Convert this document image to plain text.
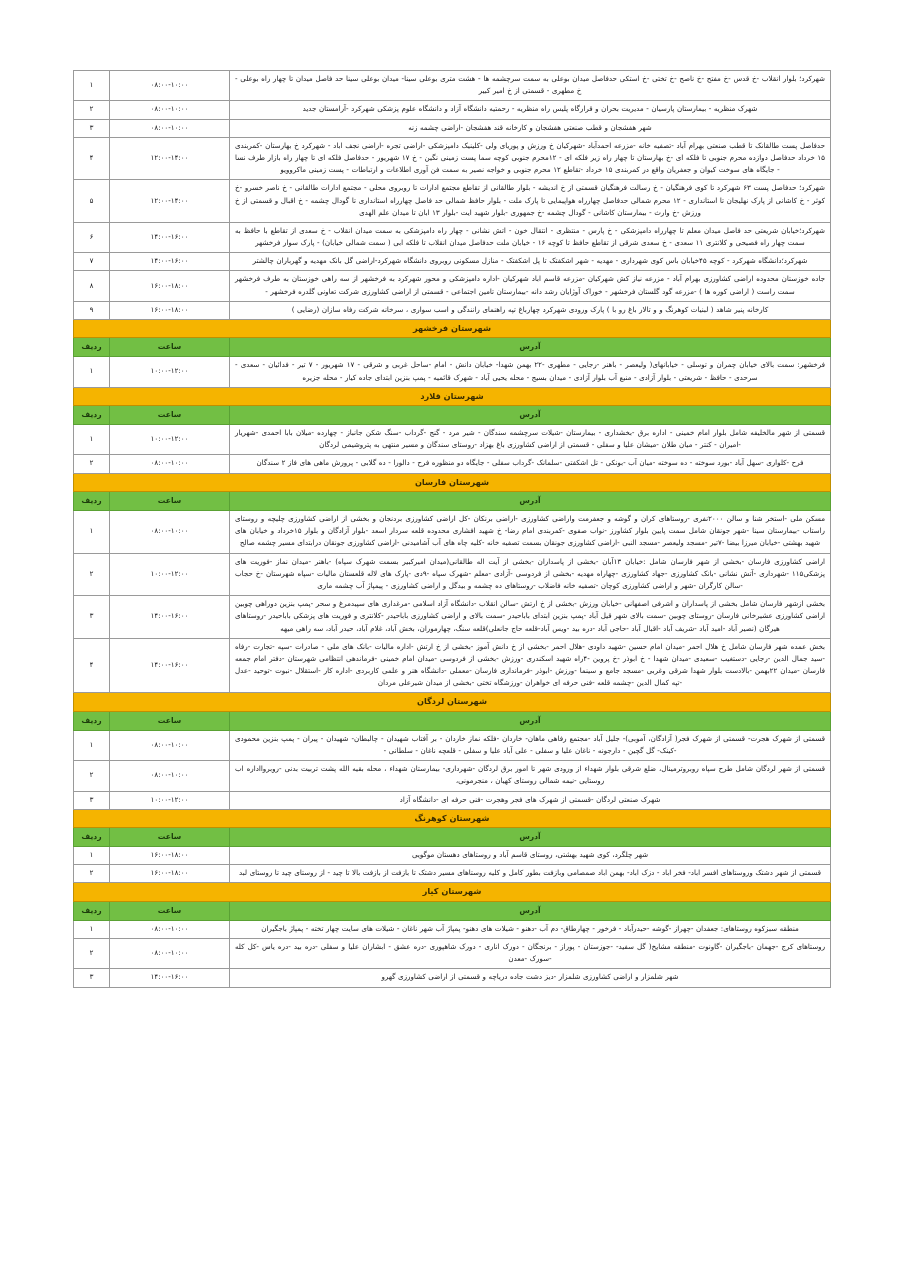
شهرکرد؛ بلوار انقلاب -خ قدس -خ مفتح -خ ناصح -خ تختی -خ استکی حدفاصل میدان بوعلی به سمت سرچشمه ها - هشت متری بوعلی سینا- میدان بوعلی سینا حد فاصل میدان تا چهار راه بوعلی - خ مطهری - قسمتی از خ امیر کبیر	۰۸:۰۰-۱۰:۰۰	۱
شهرک منظریه - بیمارستان پارسیان - مدیریت بحران و قرارگاه پلیس راه منظریه - رحمتیه دانشگاه آزاد و دانشگاه علوم پزشکی شهرکرد -آرامستان جدید	۰۸:۰۰-۱۰:۰۰	۲
شهر هفشجان و قطب صنعتی هفشجان و کارخانه قند هفشجان -اراضی چشمه زنه	۰۸:۰۰-۱۰:۰۰	۳
حدفاصل پست طالقانک تا قطب صنعتی بهرام آباد -تصفیه خانه -مزرعه احمدآباد -شهرکیان خ ورزش و پوریای ولی -کلینیک دامپزشکی -اراضی تجره -اراضی نجف اباد - شهرکرد خ بهارستان -کمربندی ۱۵ خرداد حدفاصل دوازده محرم جنوبی تا فلکه ای -خ بهارستان تا چهار راه زیر فلکه ای - ۱۲محرم جنوبی کوچه سما پست زمینی نگین - خ ۱۷ شهریور - حدفاصل فلکه ای تا چهار راه بازار طرف نسا - جایگاه های سوخت کیوان و جعفریان واقع در کمربندی ۱۵ خرداد -تقاطع ۱۲ محرم جنوبی و خواجه نصیر به سمت فن آوری اطلاعات و ارتباطات - پست زمینی ماکروویو	۱۲:۰۰-۱۴:۰۰	۴
شهرکرد؛ حدفاصل پست ۶۳ شهرکرد تا کوی فرهنگیان - خ رسالت فرهنگیان قسمتی از خ اندیشه - بلوار طالقانی از تقاطع مجتمع ادارات تا روبروی محلی - مجتمع ادارات طالقانی - خ ناصر خسرو -خ کوثر - خ کاشانی از پارک نهلیجان تا استانداری - ۱۲ محرم شمالی حدفاصل چهارراه هواپیمایی تا پارک ملت - بلوار حافظ شمالی حد فاصل چهارراه استانداری تا گودال چشمه - خ اقبال و قسمتی از خ ورزش -خ وارث - بیمارستان کاشانی - گودال چشمه -خ جمهوری -بلوار شهید ایت -بلوار ۱۳ ابان تا میدان علم الهدی	۱۲:۰۰-۱۴:۰۰	۵
شهرکرد؛خیابان شریعتی حد فاصل میدان معلم تا چهارراه دامپزشکی - خ پارس - منتظری - انتقال خون - اتش نشانی - چهار راه دامپزشکی به سمت میدان انقلاب - خ سعدی از تقاطع با حافظ به سمت چهار راه فصیحی و کلانتری ۱۱ سعدی - خ سعدی شرقی از تقاطع حافظ تا کوچه ۱۶ - خیابان ملت حدفاصل میدان انقلاب تا فلکه ابی ( سمت شمالی خیابان) - پارک سوار فرخشهر	۱۴:۰۰-۱۶:۰۰	۶
شهرکرد؛دانشگاه شهرکرد - کوچه ۴۵خیابان باس کوی شهرداری - مهدیه - شهر اشکفتک تا پل اشکفتک - منازل مسکونی روبروی دانشگاه شهرکرد-اراضی گل بانک مهدیه و گهرباران چالشتر	۱۴:۰۰-۱۶:۰۰	۷
جاده خوزستان محدوده اراضی کشاورزی بهرام آباد - مزرعه نیاز کش شهرکیان -مزرعه قاسم اباد شهرکیان -اداره دامپزشکی و محور شهرکرد به فرخشهر از سه راهی خوزستان به طرف فرخشهر سمت راست ( اراضی کوره ها ) -مزرعه گود گلستان فرخشهر - خوراک آوژایان رشد دانه -بیمارستان تامین اجتماعی - قسمتی از اراضی کشاورزی شرکت تعاونی گلدره فرخشهر -	۱۶:۰۰-۱۸:۰۰	۸
کارخانه پنیر شاهد ( لبنیات کوهرنگ و و تالار باغ رو با ) پارک ورودی شهرکرد چهارباغ تپه راهنمای رانندگی و اسب سواری ، سرخانه شرکت رفاه سازان (رضایی )	۱۶:۰۰-۱۸:۰۰	۹
شهرستان فرخشهر		
آدرس	ساعت	ردیف
فرخشهر: سمت بالای خیابان چمران و توسلی - خیابانهای( ولیعصر - باهنر -رجایی - مطهری -۲۲ بهمن شهدا- خیابان دانش - امام -ساحل غربی و شرقی - ۱۷ شهریور - ۷ تیر - فدائیان - سعدی - سرحدی - حافظ - شریعتی - بلوار آزادی - منبع آب بلوار آزادی - میدان بسیج - محله یحیی آباد - شهرک قائمیه - پمپ بنزین ابتدای جاده کیار - محله جزیره	۱۰:۰۰-۱۲:۰۰	۱
شهرستان قلارد		
آدرس	ساعت	ردیف
قسمتی از شهر مالخلیفه شامل بلوار امام خمینی - اداره برق -بخشداری - بیمارستان -شیلات سرچشمه سندگان - شیر مرد - گنج -گرداب -سنگ شکن جانباز - چهارده -میلان بابا احمدی -شهریار -امیران - کنتر - میان طلان -میشان علیا و سفلی - قسمتی از اراضی کشاورزی باغ بهزاد -روستای سندگان و مسیر منتهی به پتروشیمی لردگان	۱۰:۰۰-۱۲:۰۰	۱
فرح -کلواری -سهل آباد -بورد سوخته - ده سوخته -میان آب -بونکی - تل اشکفتی -سلمانک -گرداب سفلی - جایگاه دو منظوره فرح - دالورا - ده گلابی - پرورش ماهی های فاز ۲ سندگان	۰۸:۰۰-۱۰:۰۰	۲
شهرستان فارسان		
آدرس	ساعت	ردیف
مسکن ملی -استخر شنا و سالن ۲۰۰۰نفری -روستاهای کران و گوشه و جعفرمت واراضی کشاورزی -اراضی برنکان -کل اراضی کشاورزی بردنجان و بخشی از اراضی کشاورزی چلیچه و روستای راستاب -بیمارستان سینا -شهر جونقان شامل سمت پایین بلوار کشاورز -نواب صفوی -کمربندی امام رضا- خ شهید افشاری محدوده قلعه سردار اسعد -بلوار آزادگان و بلوار ۱۵خرداد و خیابان های شهید بهشتی -خیابان میرزا بیضا -۷تیر -مسجد ولیعصر -مسجد النبی -اراضی کشاورزی جونقان بسمت تصفیه خانه -کلیه چاه های آب آشامیدنی -اراضی کشاورزی جونقان درابتدای مسیر چشمه صالح	۰۸:۰۰-۱۰:۰۰	۱
اراضی کشاورزی فارسان -بخشی از شهر فارسان شامل :خیابان ۱۳آبان -بخشی از پاسداران -بخشی از آیت اله طالقانی(میدان امیرکبیر بسمت شهرک سپاه) -باهنر -میدان نماز -فوریت های پزشکی۱۱۵ -شهرداری -آتش نشانی -بانک کشاورزی -جهاد کشاورزی -چهاراه مهدیه -بخشی از فردوسی -آزادی -معلم -شهرک سپاه -۹دی -پارک های لاله قلعستان مالیات -سپاه شهرستان -خ حجاب -سالن کارگران -شهر و اراضی کشاورزی کوچان -تصفیه خانه فاضلاب -روستاهای ده چشمه و بیدگل و اراضی کشاورزی - پیمپاژ آب چشمه ماری	۱۰:۰۰-۱۲:۰۰	۲
بخشی ازشهر فارسان شامل بخشی از پاسداران و اشرفی اصفهانی -خیابان ورزش -بخشی از خ ارتش -سالن انقلاب -دانشگاه آزاد اسلامی -مرغداری های سپیدمرغ و سحر -پمپ بنزین دوراهی چوبین اراضی کشاورزی عشیرخانی فارسان -روستای چوبین -سمت بالای شهر قیل آباد -پمپ بنزین ابتدای باباحیدر -سمت بالای و اراضی کشاورزی باباحیدر -کلانتری و فوریت های پزشکی باباحیدر -روستاهای هیرگان (نصیر آباد -امید آباد -شریف آباد -اقبال آباد -حاجی آباد -دره بید -ویس آباد-قلعه حاج جانعلی)قلعه سنگ، چهارموران، بخش آباد، غلام آباد، حیدر آباد، سه راهی میهه	۱۴:۰۰-۱۶:۰۰	۳
بخش عمده شهر فارسان شامل خ هلال احمر -میدان امام حسین -شهید داودی -هلال احمر -بخشی از خ دانش آموز -بخشی از خ ارتش -اداره مالیات -بانک های ملی - صادرات -سپه -تجارت -رفاه -سید جمال الدین -رجایی -دستغیب -سعیدی -میدان شهدا - خ ابوذر -خ پروین -۴راه شهید اسکندری -ورزش -بخشی از فردوسی -میدان امام خمینی -فرماندهی انتظامی شهرستان -دفتر امام جمعه فارسان -میدان ۲۲بهمن -بالادست بلوار شهدا شرقی وغربی -مسجد جامع و سینما -ورزش -ابوذر -فرمانداری فارسان -معملی -دانشگاه هنر و علمی کاربردی -اداره کار -استقلال -نبوت -توحید -عدل -تپه کمال الدین -چشمه قلعه -فنی حرفه ای خواهران -ورزشگاه تختی -بخشی از میدان شیرعلی مردان	۱۴:۰۰-۱۶:۰۰	۴
شهرستان لردگان		
آدرس	ساعت	ردیف
قسمتی از شهرک هجرت- قسمتی از شهرک فجر( آزادگان، آموبی)- جلیل آباد -مجتمع رفاهی ماهان- خاردان -فلکه نماز خاردان - بر آفتاب شهیدان - چالبطان- شهیدان - پیران - پمپ بنزین محمودی -کینک- گل گچین - دارجونه - ناغان علیا و سفلی - علی آباد علیا و سفلی - قلعچه ناغان - سلطانی -	۰۸:۰۰-۱۰:۰۰	۱
قسمتی از شهر لردگان شامل طرح سپاه روبروترمینال، ضلع شرقی بلوار شهداء از ورودی شهر تا امور برق لردگان -شهرداری- بیمارستان شهداء ، محله بقیه الله پشت تربیت بدنی -روبروااداره اب روستایی -نیمه شمالی روستای کهیان ، منجرمونی،	۰۸:۰۰-۱۰:۰۰	۲
شهرک صنعتی لردگان -قسمتی از شهرک های فجر وهجرت -فنی حرفه ای -دانشگاه آزاد	۱۰:۰۰-۱۲:۰۰	۳
شهرستان کوهرنگ		
آدرس	ساعت	ردیف
شهر چلگرد، کوی شهید بهشتی، روستای قاسم آباد و روستاهای دهستان موگویی	۱۶:۰۰-۱۸:۰۰	۱
قسمتی از شهر دشتک وروستاهای افسر اباد- فخر اباد - دزک اباد- بهمن اباد صمصامی وبازفت بطور کامل و کلیه روستاهای مسیر دشتک تا بازفت از بازفت بالا تا چید - از روستای چید تا روستای لبد	۱۶:۰۰-۱۸:۰۰	۲
شهرستان کیار		
آدرس	ساعت	ردیف
منطقه سبزکوه روستاهای: جعفدان -چهراز -گوشه -حیدرآباد - فرخور - چهارطاق- دم آب -دهنو - شیلات های دهنو- پمپاژ آب شهر ناغان - شیلات های سایت چهار تخته - پمپاژ باجگیران	۰۸:۰۰-۱۰:۰۰	۱
روستاهای کرج -جهمان -باجگیران -گاونوت -منطقه مشایخ( گل سفید- -جوزستان - پوراز - برنجگان - دورک اناری - دورک شاهپوری -دره عشق - ابشاران علیا و سفلی -دره بید -دره یاس -کل کله -سورک -معدن	۰۸:۰۰-۱۰:۰۰	۲
شهر شلمزار و اراضی کشاورزی شلمزار -دیز دشت جاده دریاچه و قسمتی از اراضی کشاورزی گهرو	۱۴:۰۰-۱۶:۰۰	۳
